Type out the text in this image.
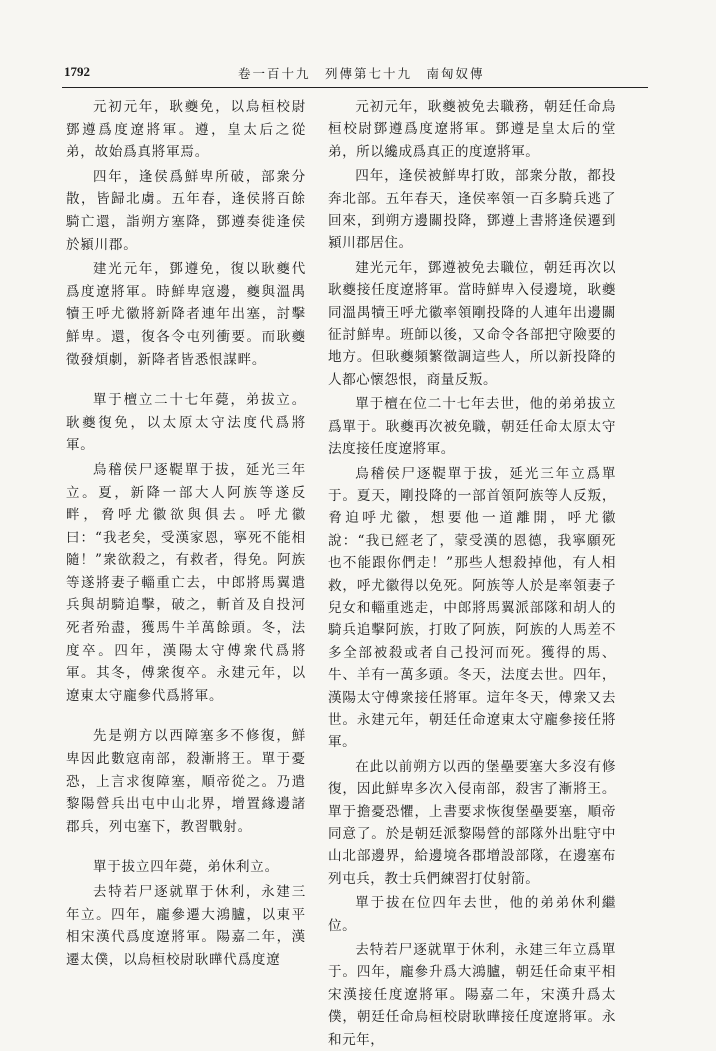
1792	卷一百十九　列傳第七十九　南匈奴傳

元初元年，耿夔免，以烏桓校尉鄧遵爲度遼將軍。遵，皇太后之從弟，故始爲真將軍焉。

四年，逢侯爲鮮卑所破，部衆分散，皆歸北虜。五年春，逢侯將百餘騎亡還，詣朔方塞降，鄧遵奏徙逢侯於潁川郡。

建光元年，鄧遵免，復以耿夔代爲度遼將軍。時鮮卑寇邊，夔與溫禺犢王呼尤徽將新降者連年出塞，討擊鮮卑。還，復各令屯列衝要。而耿夔徵發煩劇，新降者皆悉恨謀畔。

單于檀立二十七年薨，弟拔立。耿夔復免，以太原太守法度代爲將軍。

烏稽侯尸逐鞮單于拔，延光三年立。夏，新降一部大人阿族等遂反畔，脅呼尤徽欲與俱去。呼尤徽曰：“我老矣，受漢家恩，寧死不能相隨！”衆欲殺之，有救者，得免。阿族等遂將妻子輜重亡去，中郎將馬翼遣兵與胡騎追擊，破之，斬首及自投河死者殆盡，獲馬牛羊萬餘頭。冬，法度卒。四年，漢陽太守傅衆代爲將軍。其冬，傅衆復卒。永建元年，以遼東太守龐參代爲將軍。

先是朔方以西障塞多不修復，鮮卑因此數寇南部，殺漸將王。單于憂恐，上言求復障塞，順帝從之。乃遣黎陽營兵出屯中山北界，增置緣邊諸郡兵，列屯塞下，教習戰射。

單于拔立四年薨，弟休利立。

去特若尸逐就單于休利，永建三年立。四年，龐參遷大鴻臚，以東平相宋漢代爲度遼將軍。陽嘉二年，漢遷太僕，以烏桓校尉耿曄代爲度遼

元初元年，耿夔被免去職務，朝廷任命烏桓校尉鄧遵爲度遼將軍。鄧遵是皇太后的堂弟，所以纔成爲真正的度遼將軍。

四年，逢侯被鮮卑打敗，部衆分散，都投奔北部。五年春天，逢侯率領一百多騎兵逃了回來，到朔方邊關投降，鄧遵上書將逢侯遷到潁川郡居住。

建光元年，鄧遵被免去職位，朝廷再次以耿夔接任度遼將軍。當時鮮卑入侵邊境，耿夔同溫禺犢王呼尤徽率領剛投降的人連年出邊關征討鮮卑。班師以後，又命令各部把守險要的地方。但耿夔頻繁徵調這些人，所以新投降的人都心懷怨恨，商量反叛。

單于檀在位二十七年去世，他的弟弟拔立爲單于。耿夔再次被免職，朝廷任命太原太守法度接任度遼將軍。

烏稽侯尸逐鞮單于拔，延光三年立爲單于。夏天，剛投降的一部首領阿族等人反叛，脅迫呼尤徽，想要他一道離開，呼尤徽說：“我已經老了，蒙受漢的恩德，我寧願死也不能跟你們走！”那些人想殺掉他，有人相救，呼尤徽得以免死。阿族等人於是率領妻子兒女和輜重逃走，中郎將馬翼派部隊和胡人的騎兵追擊阿族，打敗了阿族，阿族的人馬差不多全部被殺或者自己投河而死。獲得的馬、牛、羊有一萬多頭。冬天，法度去世。四年，漢陽太守傅衆接任將軍。這年冬天，傅衆又去世。永建元年，朝廷任命遼東太守龐參接任將軍。

在此以前朔方以西的堡壘要塞大多沒有修復，因此鮮卑多次入侵南部，殺害了漸將王。單于擔憂恐懼，上書要求恢復堡壘要塞，順帝同意了。於是朝廷派黎陽營的部隊外出駐守中山北部邊界，給邊境各郡增設部隊，在邊塞布列屯兵，教士兵們練習打仗射箭。

單于拔在位四年去世，他的弟弟休利繼位。

去特若尸逐就單于休利，永建三年立爲單于。四年，龐參升爲大鴻臚，朝廷任命東平相宋漢接任度遼將軍。陽嘉二年，宋漢升爲太僕，朝廷任命烏桓校尉耿曄接任度遼將軍。永和元年，
